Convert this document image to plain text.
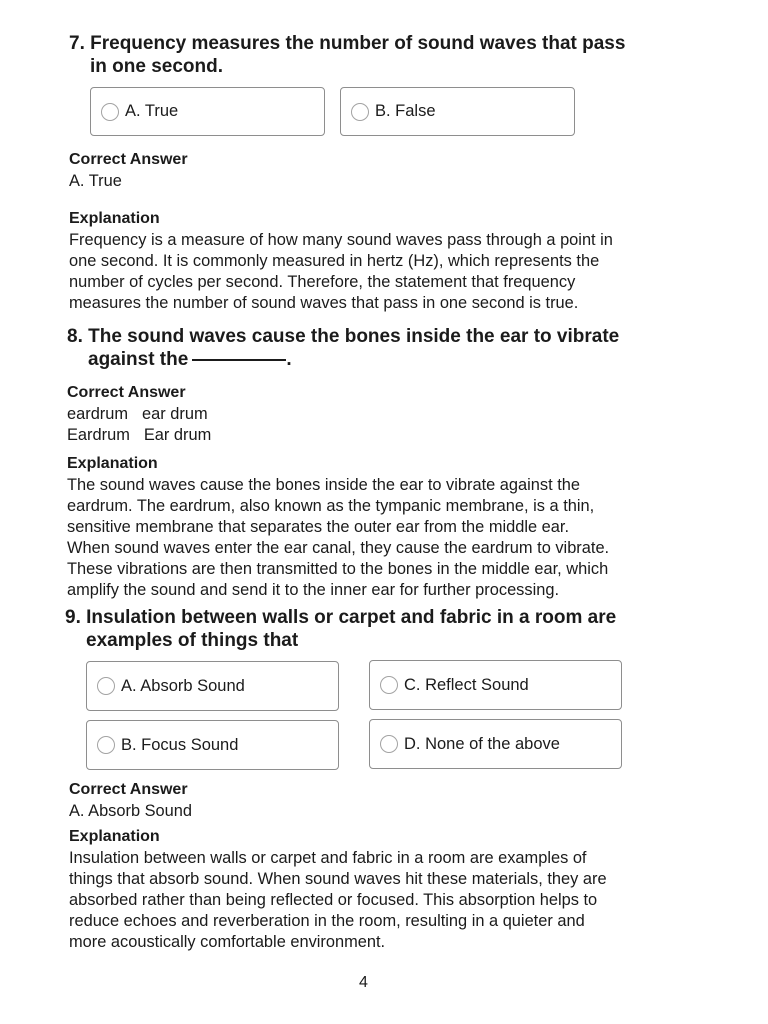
7. Frequency measures the number of sound waves that pass
in one second.
A. True	B. False
Correct Answer
A. True
Explanation
Frequency is a measure of how many sound waves pass through a point in
one second. It is commonly measured in hertz (Hz), which represents the
number of cycles per second. Therefore, the statement that frequency
measures the number of sound waves that pass in one second is true.
8. The sound waves cause the bones inside the ear to vibrate
against the	.
Correct Answer
eardrum ear drum
Eardrum Ear drum
Explanation
The sound waves cause the bones inside the ear to vibrate against the
eardrum. The eardrum, also known as the tympanic membrane, is a thin,
sensitive membrane that separates the outer ear from the middle ear.
When sound waves enter the ear canal, they cause the eardrum to vibrate.
These vibrations are then transmitted to the bones in the middle ear, which
amplify the sound and send it to the inner ear for further processing.
9. Insulation between walls or carpet and fabric in a room are
examples of things that
A. Absorb Sound	C. Reflect Sound
B. Focus Sound	D. None of the above
Correct Answer
A. Absorb Sound
Explanation
Insulation between walls or carpet and fabric in a room are examples of
things that absorb sound. When sound waves hit these materials, they are
absorbed rather than being reflected or focused. This absorption helps to
reduce echoes and reverberation in the room, resulting in a quieter and
more acoustically comfortable environment.
4
